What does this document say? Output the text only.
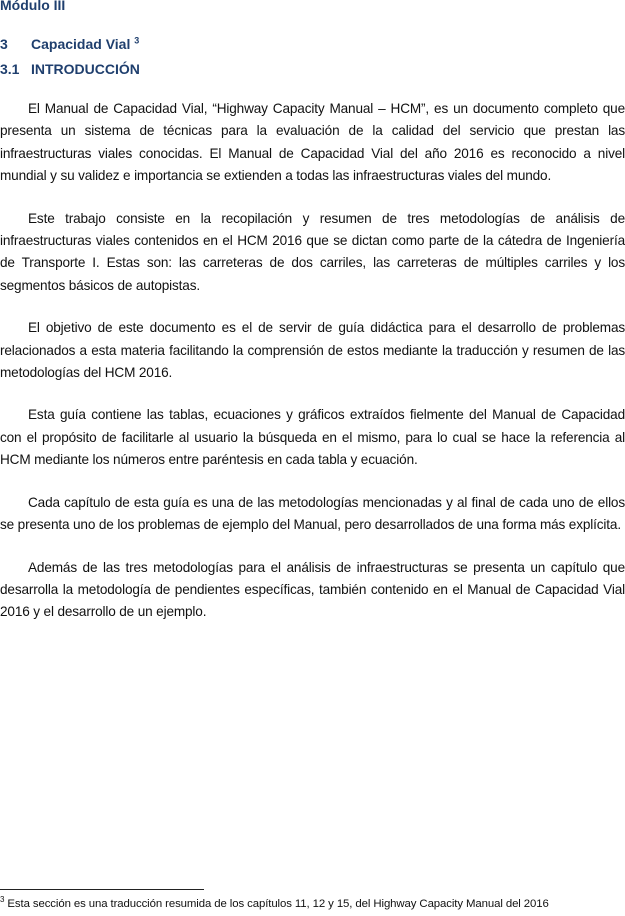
Módulo III

3 Capacidad Vial $^3$
3.1 INTRODUCCIÓN

El Manual de Capacidad Vial, “Highway Capacity Manual – HCM”, es un documento completo que presenta un sistema de técnicas para la evaluación de la calidad del servicio que prestan las infraestructuras viales conocidas. El Manual de Capacidad Vial del año 2016 es reconocido a nivel mundial y su validez e importancia se extienden a todas las infraestructuras viales del mundo.

Este trabajo consiste en la recopilación y resumen de tres metodologías de análisis de infraestructuras viales contenidos en el HCM 2016 que se dictan como parte de la cátedra de Ingeniería de Transporte I. Estas son: las carreteras de dos carriles, las carreteras de múltiples carriles y los segmentos básicos de autopistas.

El objetivo de este documento es el de servir de guía didáctica para el desarrollo de problemas relacionados a esta materia facilitando la comprensión de estos mediante la traducción y resumen de las metodologías del HCM 2016.

Esta guía contiene las tablas, ecuaciones y gráficos extraídos fielmente del Manual de Capacidad con el propósito de facilitarle al usuario la búsqueda en el mismo, para lo cual se hace la referencia al HCM mediante los números entre paréntesis en cada tabla y ecuación.

Cada capítulo de esta guía es una de las metodologías mencionadas y al final de cada uno de ellos se presenta uno de los problemas de ejemplo del Manual, pero desarrollados de una forma más explícita.

Además de las tres metodologías para el análisis de infraestructuras se presenta un capítulo que desarrolla la metodología de pendientes específicas, también contenido en el Manual de Capacidad Vial 2016 y el desarrollo de un ejemplo.

$^3$ Esta sección es una traducción resumida de los capítulos 11, 12 y 15, del Highway Capacity Manual del 2016
